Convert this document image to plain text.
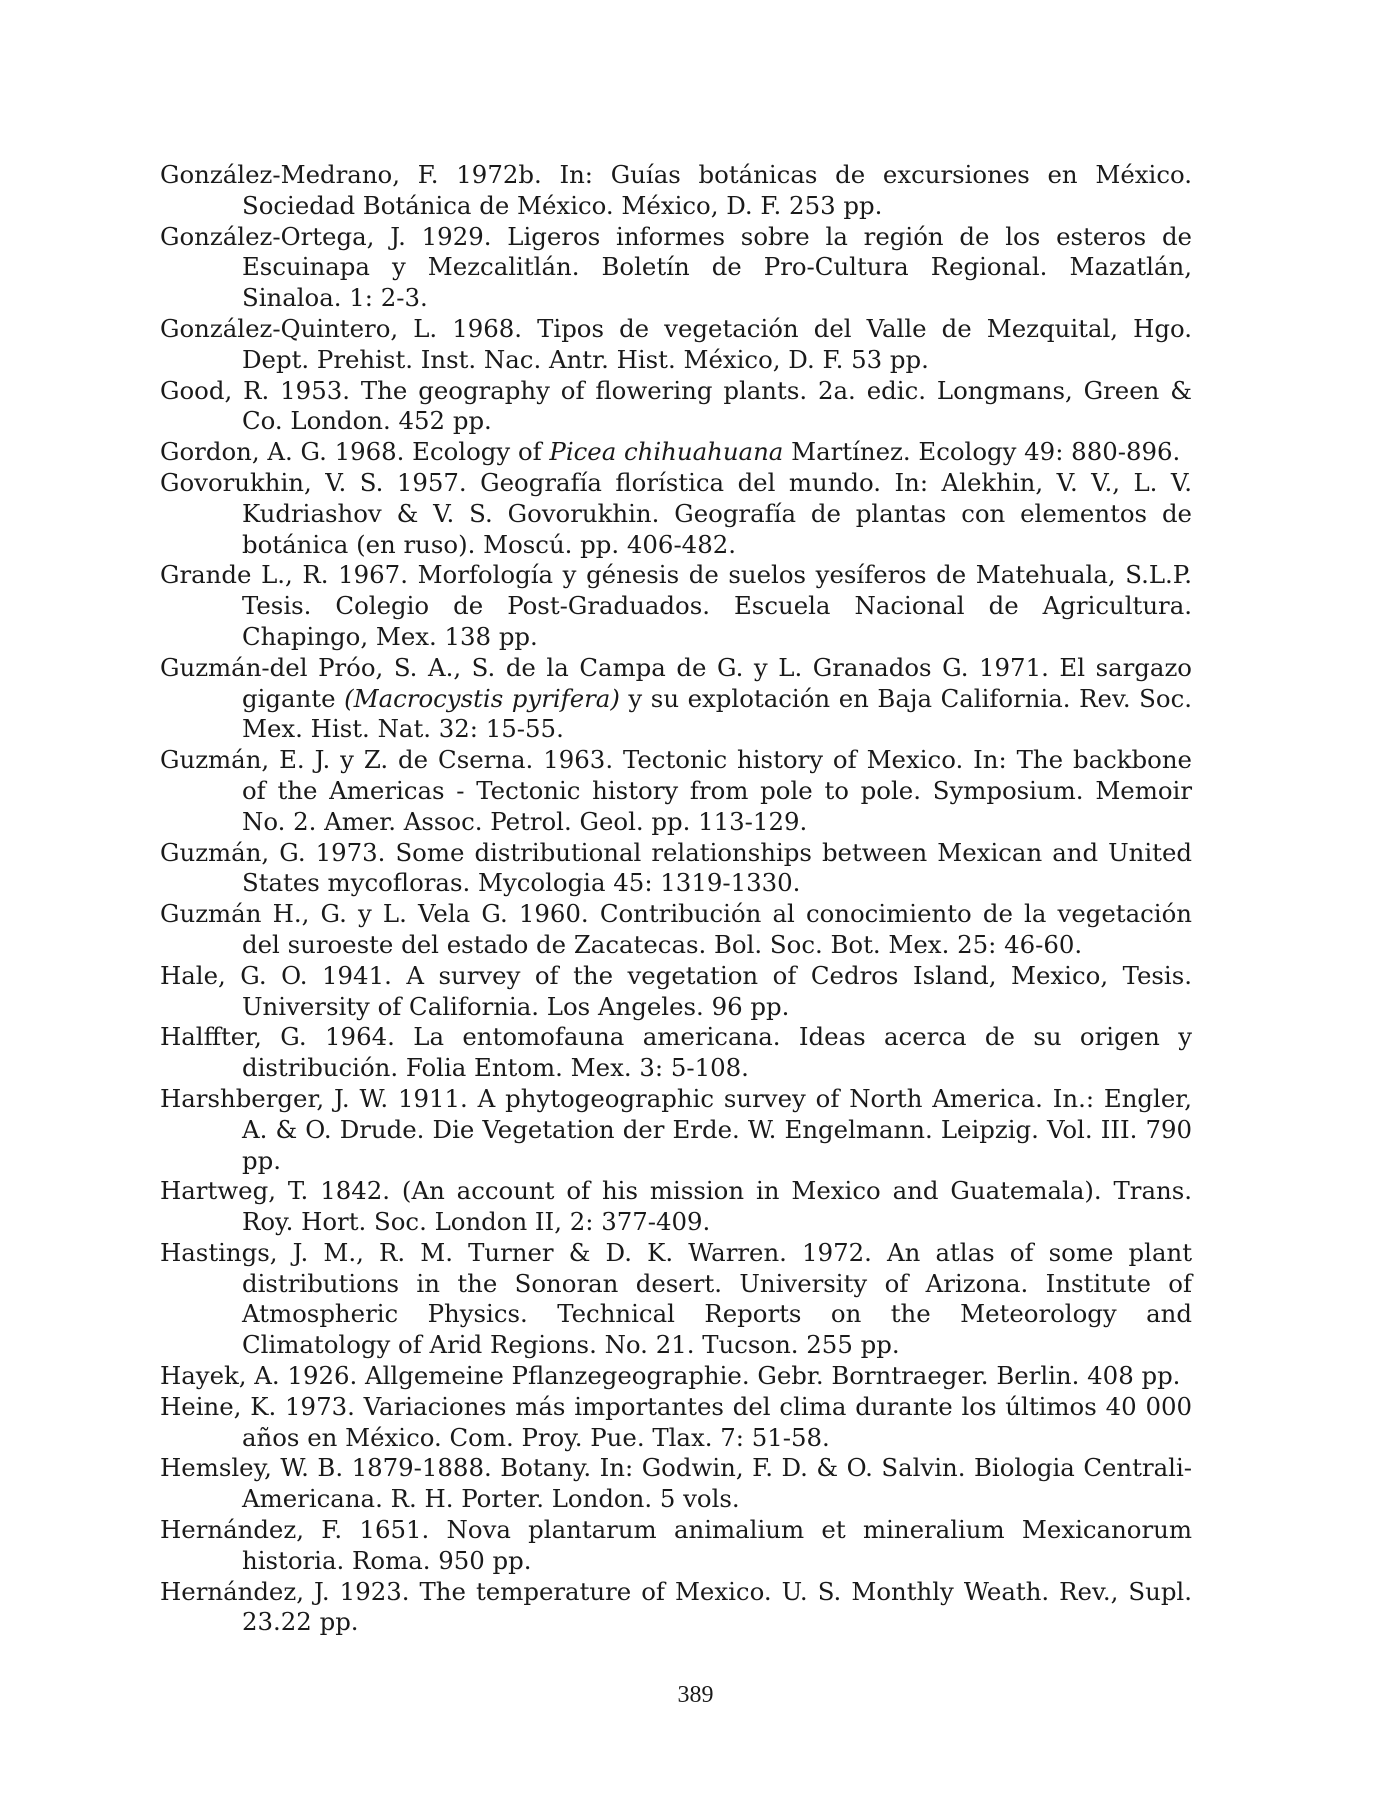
González-Medrano, F. 1972b. In: Guías botánicas de excursiones en México. Sociedad Botánica de México. México, D. F. 253 pp.
González-Ortega, J. 1929. Ligeros informes sobre la región de los esteros de Escuinapa y Mezcalitlán. Boletín de Pro-Cultura Regional. Mazatlán, Sinaloa. 1: 2-3.
González-Quintero, L. 1968. Tipos de vegetación del Valle de Mezquital, Hgo. Dept. Prehist. Inst. Nac. Antr. Hist. México, D. F. 53 pp.
Good, R. 1953. The geography of flowering plants. 2a. edic. Longmans, Green & Co. London. 452 pp.
Gordon, A. G. 1968. Ecology of Picea chihuahuana Martínez. Ecology 49: 880-896.
Govorukhin, V. S. 1957. Geografía florística del mundo. In: Alekhin, V. V., L. V. Kudriashov & V. S. Govorukhin. Geografía de plantas con elementos de botánica (en ruso). Moscú. pp. 406-482.
Grande L., R. 1967. Morfología y génesis de suelos yesíferos de Matehuala, S.L.P. Tesis. Colegio de Post-Graduados. Escuela Nacional de Agricultura. Chapingo, Mex. 138 pp.
Guzmán-del Próo, S. A., S. de la Campa de G. y L. Granados G. 1971. El sargazo gigante (Macrocystis pyrifera) y su explotación en Baja California. Rev. Soc. Mex. Hist. Nat. 32: 15-55.
Guzmán, E. J. y Z. de Cserna. 1963. Tectonic history of Mexico. In: The backbone of the Americas - Tectonic history from pole to pole. Symposium. Memoir No. 2. Amer. Assoc. Petrol. Geol. pp. 113-129.
Guzmán, G. 1973. Some distributional relationships between Mexican and United States mycofloras. Mycologia 45: 1319-1330.
Guzmán H., G. y L. Vela G. 1960. Contribución al conocimiento de la vegetación del suroeste del estado de Zacatecas. Bol. Soc. Bot. Mex. 25: 46-60.
Hale, G. O. 1941. A survey of the vegetation of Cedros Island, Mexico, Tesis. University of California. Los Angeles. 96 pp.
Halffter, G. 1964. La entomofauna americana. Ideas acerca de su origen y distribución. Folia Entom. Mex. 3: 5-108.
Harshberger, J. W. 1911. A phytogeographic survey of North America. In.: Engler, A. & O. Drude. Die Vegetation der Erde. W. Engelmann. Leipzig. Vol. III. 790 pp.
Hartweg, T. 1842. (An account of his mission in Mexico and Guatemala). Trans. Roy. Hort. Soc. London II, 2: 377-409.
Hastings, J. M., R. M. Turner & D. K. Warren. 1972. An atlas of some plant distributions in the Sonoran desert. University of Arizona. Institute of Atmospheric Physics. Technical Reports on the Meteorology and Climatology of Arid Regions. No. 21. Tucson. 255 pp.
Hayek, A. 1926. Allgemeine Pflanzegeographie. Gebr. Borntraeger. Berlin. 408 pp.
Heine, K. 1973. Variaciones más importantes del clima durante los últimos 40 000 años en México. Com. Proy. Pue. Tlax. 7: 51-58.
Hemsley, W. B. 1879-1888. Botany. In: Godwin, F. D. & O. Salvin. Biologia Centrali-Americana. R. H. Porter. London. 5 vols.
Hernández, F. 1651. Nova plantarum animalium et mineralium Mexicanorum historia. Roma. 950 pp.
Hernández, J. 1923. The temperature of Mexico. U. S. Monthly Weath. Rev., Supl. 23.22 pp.
389
